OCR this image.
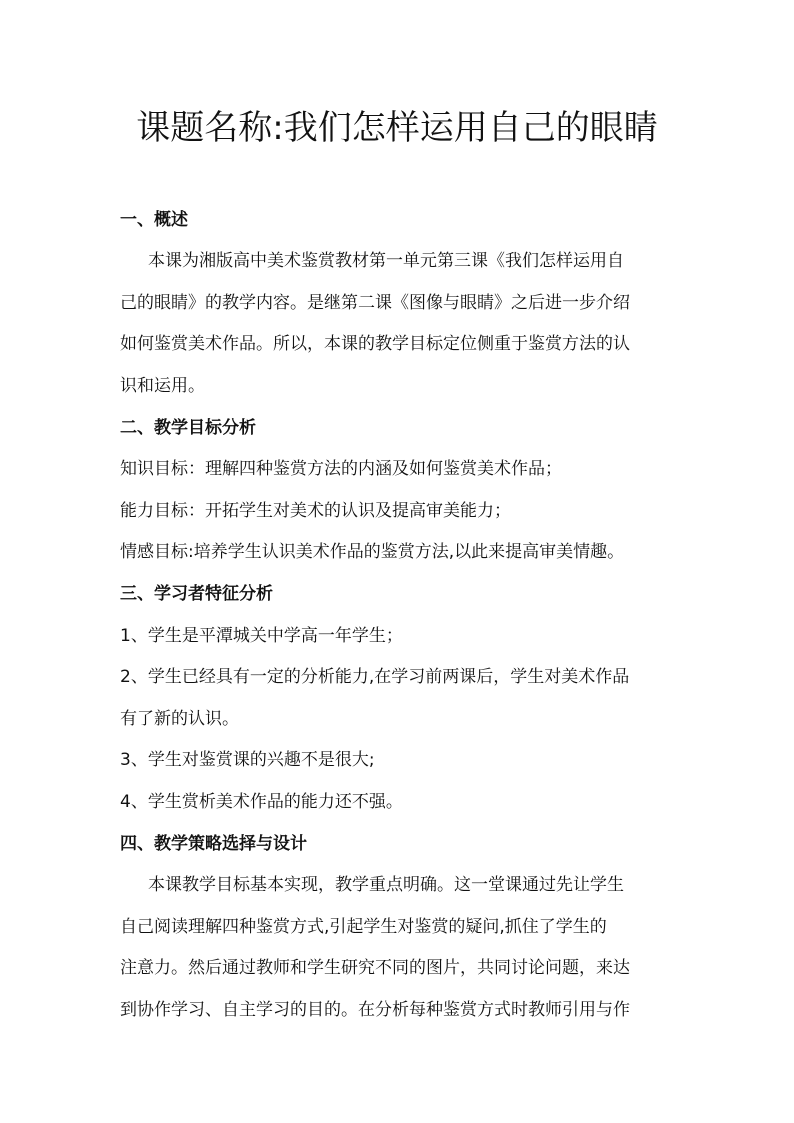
课题名称:我们怎样运用自己的眼睛
一、概述
本课为湘版高中美术鉴赏教材第一单元第三课《我们怎样运用自
己的眼睛》的教学内容。是继第二课《图像与眼睛》之后进一步介绍
如何鉴赏美术作品。所以，本课的教学目标定位侧重于鉴赏方法的认
识和运用。
二、教学目标分析
知识目标：理解四种鉴赏方法的内涵及如何鉴赏美术作品；
能力目标：开拓学生对美术的认识及提高审美能力；
情感目标:培养学生认识美术作品的鉴赏方法,以此来提高审美情趣。
三、学习者特征分析
1、学生是平潭城关中学高一年学生；
2、学生已经具有一定的分析能力,在学习前两课后，学生对美术作品
有了新的认识。
3、学生对鉴赏课的兴趣不是很大;
4、学生赏析美术作品的能力还不强。
四、教学策略选择与设计
本课教学目标基本实现，教学重点明确。这一堂课通过先让学生
自己阅读理解四种鉴赏方式,引起学生对鉴赏的疑问,抓住了学生的
注意力。然后通过教师和学生研究不同的图片，共同讨论问题，来达
到协作学习、自主学习的目的。在分析每种鉴赏方式时教师引用与作
